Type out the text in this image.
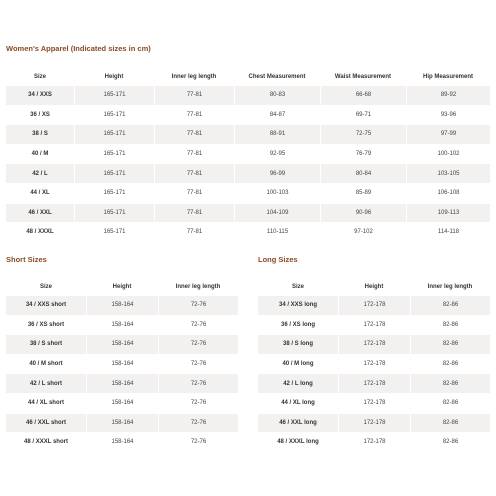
Women's Apparel (Indicated sizes in cm)
Size	Height	Inner leg length	Chest Measurement	Waist Measurement	Hip Measurement
34 / XXS	165-171	77-81	80-83	66-68	89-92
36 / XS	165-171	77-81	84-87	69-71	93-96
38 / S	165-171	77-81	88-91	72-75	97-99
40 / M	165-171	77-81	92-95	76-79	100-102
42 / L	165-171	77-81	96-99	80-84	103-105
44 / XL	165-171	77-81	100-103	85-89	106-108
46 / XXL	165-171	77-81	104-109	90-96	109-113
48 / XXXL	165-171	77-81	110-115	97-102	114-118
Short Sizes
Size	Height	Inner leg length
34 / XXS short	158-164	72-76
36 / XS short	158-164	72-76
38 / S short	158-164	72-76
40 / M short	158-164	72-76
42 / L short	158-164	72-76
44 / XL short	158-164	72-76
46 / XXL short	158-164	72-76
48 / XXXL short	158-164	72-76
Long Sizes
Size	Height	Inner leg length
34 / XXS long	172-178	82-86
36 / XS long	172-178	82-86
38 / S long	172-178	82-86
40 / M long	172-178	82-86
42 / L long	172-178	82-86
44 / XL long	172-178	82-86
46 / XXL long	172-178	82-86
48 / XXXL long	172-178	82-86
